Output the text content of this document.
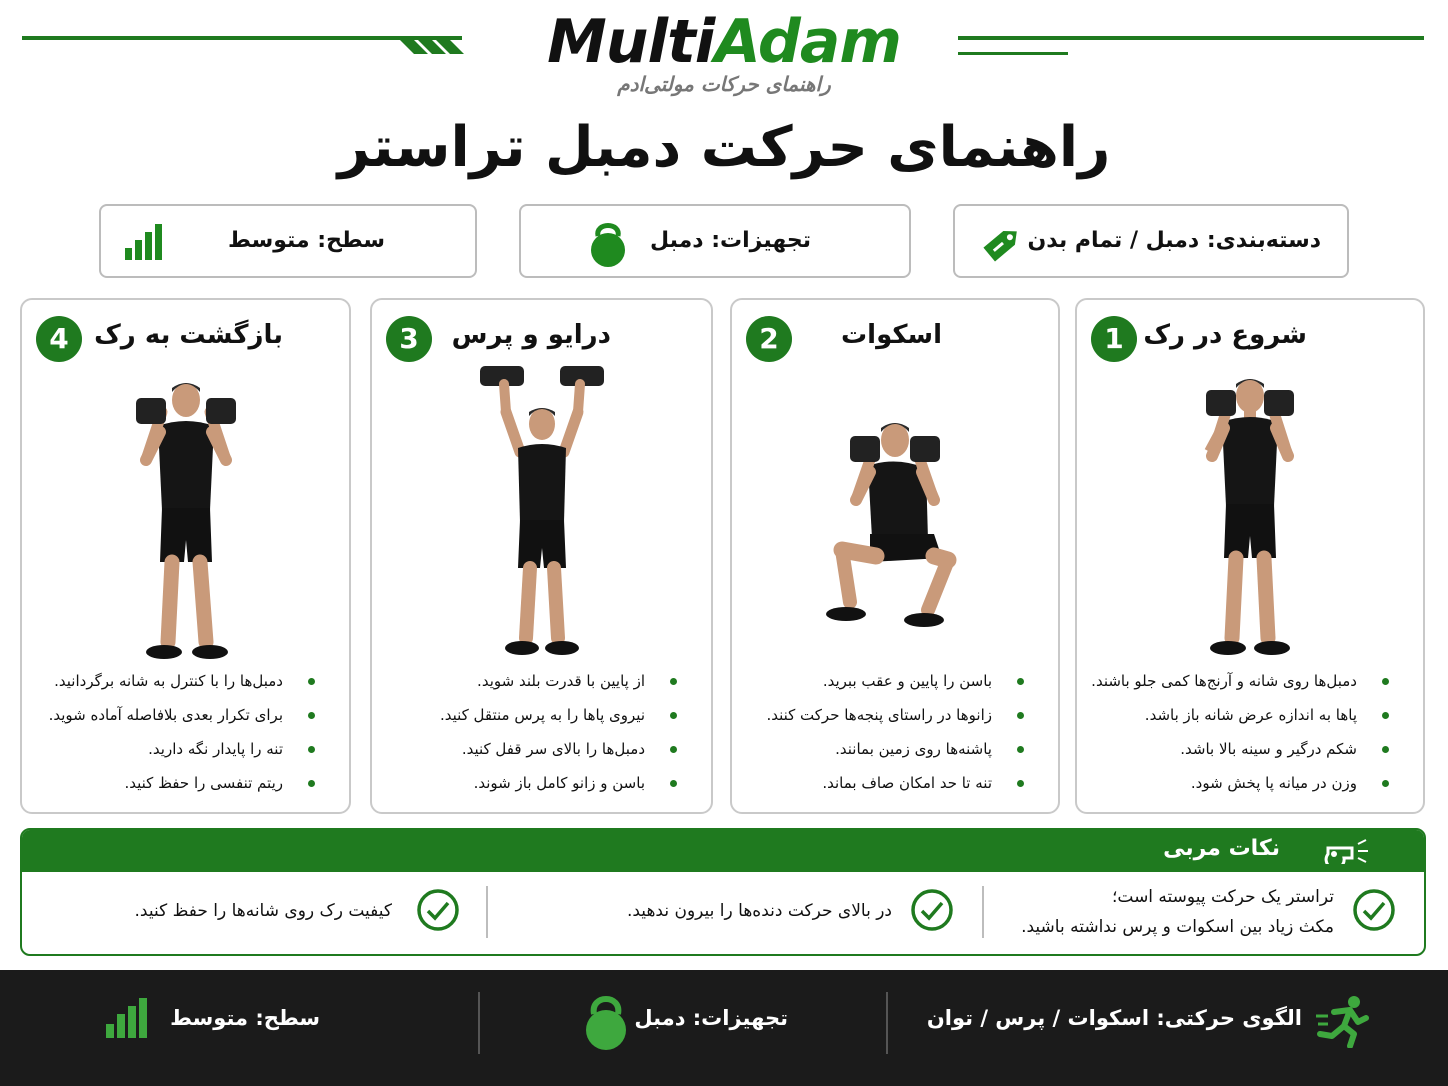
MultiAdam
راهنمای حرکات مولتی‌ادم
راهنمای حرکت دمبل تراستر
دسته‌بندی: دمبل / تمام بدن
تجهیزات: دمبل
سطح: متوسط
1 شروع در رک
دمبل‌ها روی شانه و آرنج‌ها کمی جلو باشند.
پاها به اندازه عرض شانه باز باشد.
شکم درگیر و سینه بالا باشد.
وزن در میانه پا پخش شود.
2	اسکوات
باسن را پایین و عقب ببرید.
زانوها در راستای پنجه‌ها حرکت کنند.
پاشنه‌ها روی زمین بمانند.
تنه تا حد امکان صاف بماند.
3	درایو و پرس
از پایین با قدرت بلند شوید.
نیروی پاها را به پرس منتقل کنید.
دمبل‌ها را بالای سر قفل کنید.
باسن و زانو کامل باز شوند.
4 بازگشت به رک
دمبل‌ها را با کنترل به شانه برگردانید.
برای تکرار بعدی بلافاصله آماده شوید.
تنه را پایدار نگه دارید.
ریتم تنفسی را حفظ کنید.
نکات مربی
تراستر یک حرکت پیوسته است؛
مکث زیاد بین اسکوات و پرس نداشته باشید.
در بالای حرکت دنده‌ها را بیرون ندهید.
کیفیت رک روی شانه‌ها را حفظ کنید.
الگوی حرکتی: اسکوات / پرس / توان
تجهیزات: دمبل
سطح: متوسط
